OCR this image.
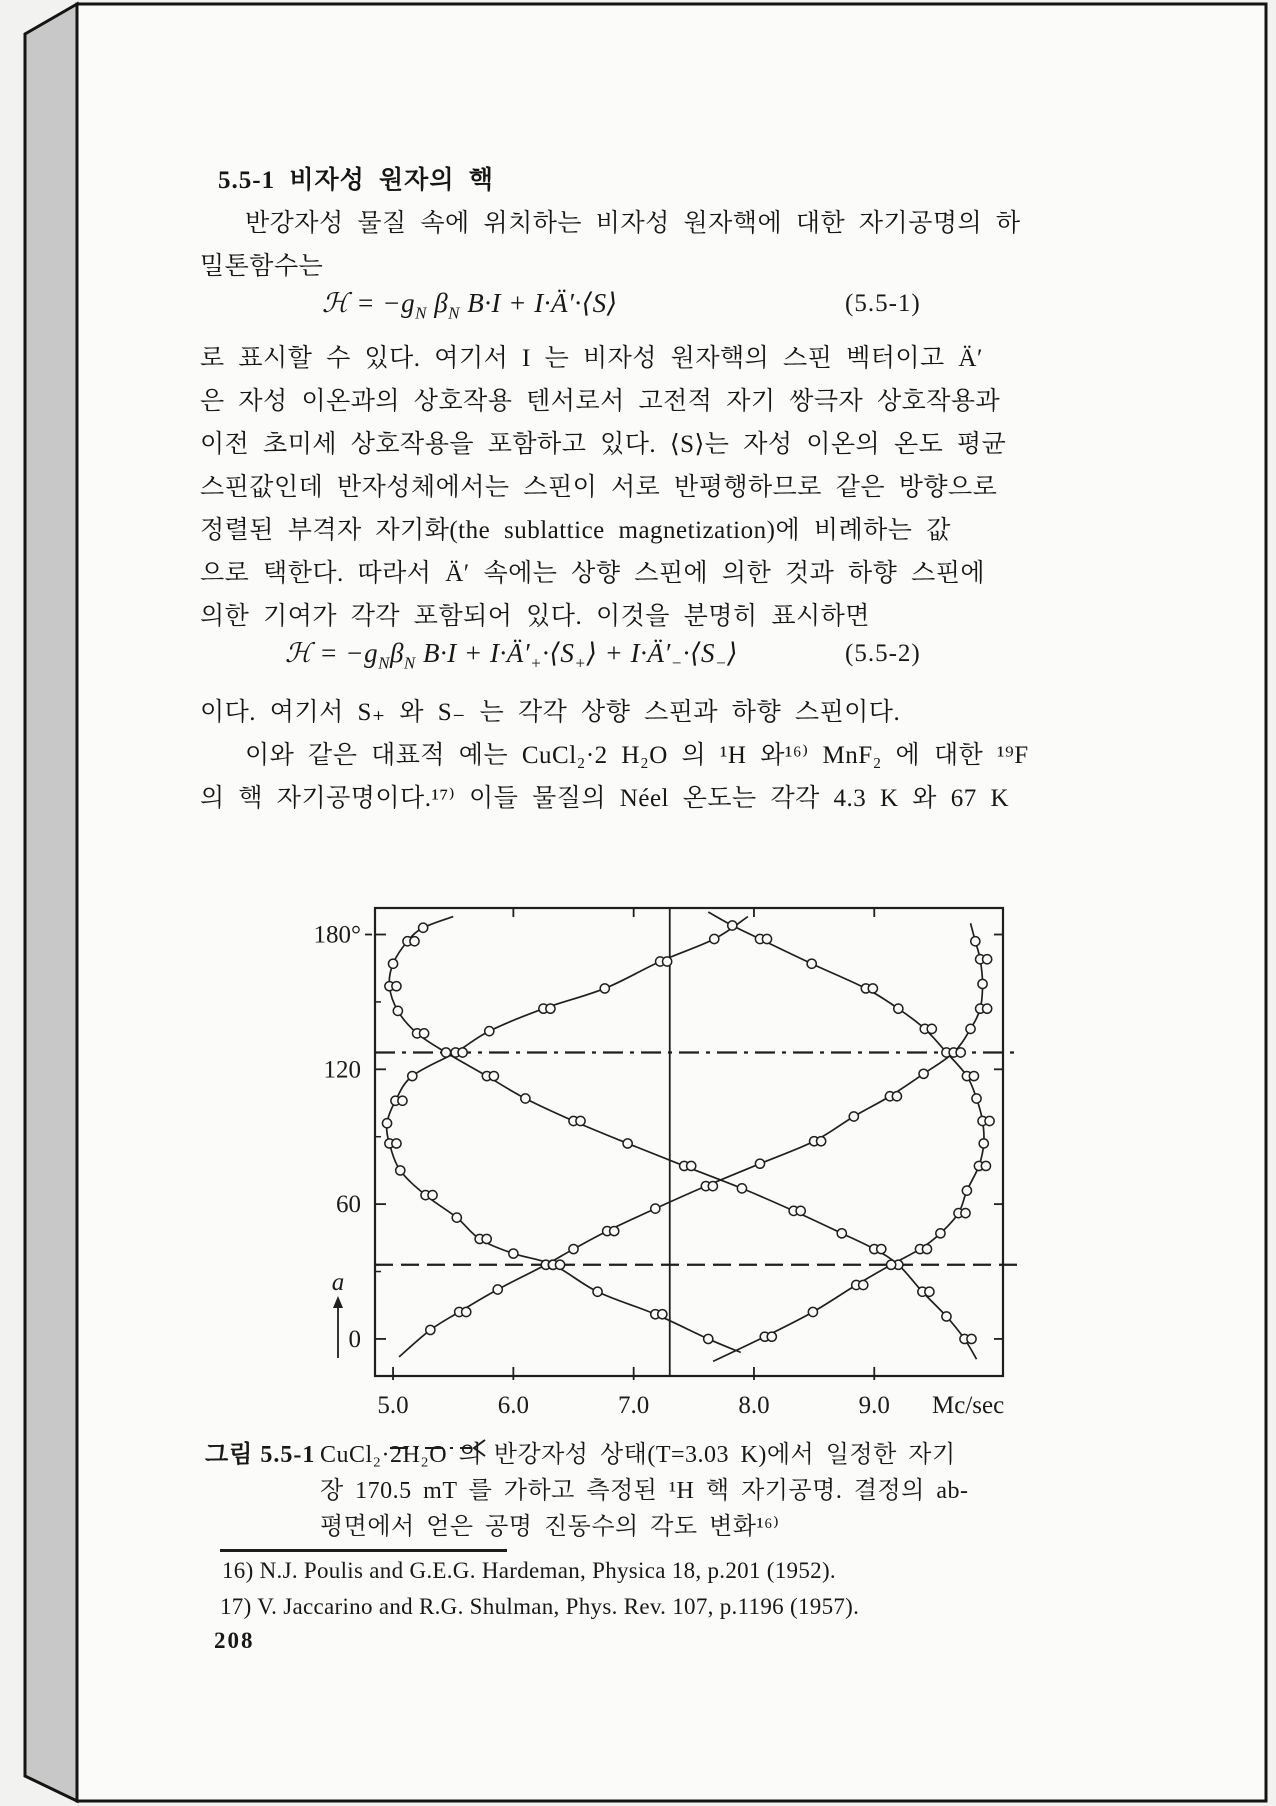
5.5-1 비자성 원자의 핵
반강자성 물질 속에 위치하는 비자성 원자핵에 대한 자기공명의 하
밀톤함수는
ℋ = $-g_N$ $\beta_N$ B·I + I·Ä′·⟨S⟩	(5.5-1)
로 표시할 수 있다. 여기서 I 는 비자성 원자핵의 스핀 벡터이고 Ä′
은 자성 이온과의 상호작용 텐서로서 고전적 자기 쌍극자 상호작용과
이전 초미세 상호작용을 포함하고 있다. ⟨S⟩는 자성 이온의 온도 평균
스핀값인데 반자성체에서는 스핀이 서로 반평행하므로 같은 방향으로
정렬된 부격자 자기화(the sublattice magnetization)에 비례하는 값
으로 택한다. 따라서 Ä′ 속에는 상향 스핀에 의한 것과 하향 스핀에
의한 기여가 각각 포함되어 있다. 이것을 분명히 표시하면
ℋ = $-g_N\beta_N$ $B\cdot I + I\cdot Ä'_+\cdot⟨S_+⟩$ + $I\cdot Ä'_-\cdot⟨S_-⟩$	(5.5-2)
이다. 여기서 S₊ 와 S₋ 는 각각 상향 스핀과 하향 스핀이다.
이와 같은 대표적 예는 CuCl₂·2 H₂O 의 ¹H 와¹⁶⁾ MnF₂ 에 대한 ¹⁹F
의 핵 자기공명이다.¹⁷⁾ 이들 물질의 Néel 온도는 각각 4.3 K 와 67 K
5.0	6.0	7.0	8.0	9.0 Mc/sec
0
60
120
180°
a
그림 5.5-1 CuCl₂·2H₂O 의 반강자성 상태(T=3.03 K)에서 일정한 자기
장 170.5 mT 를 가하고 측정된 ¹H 핵 자기공명. 결정의 ab-
평면에서 얻은 공명 진동수의 각도 변화¹⁶⁾
16) N.J. Poulis and G.E.G. Hardeman, Physica 18, p.201 (1952).
17) V. Jaccarino and R.G. Shulman, Phys. Rev. 107, p.1196 (1957).
208
